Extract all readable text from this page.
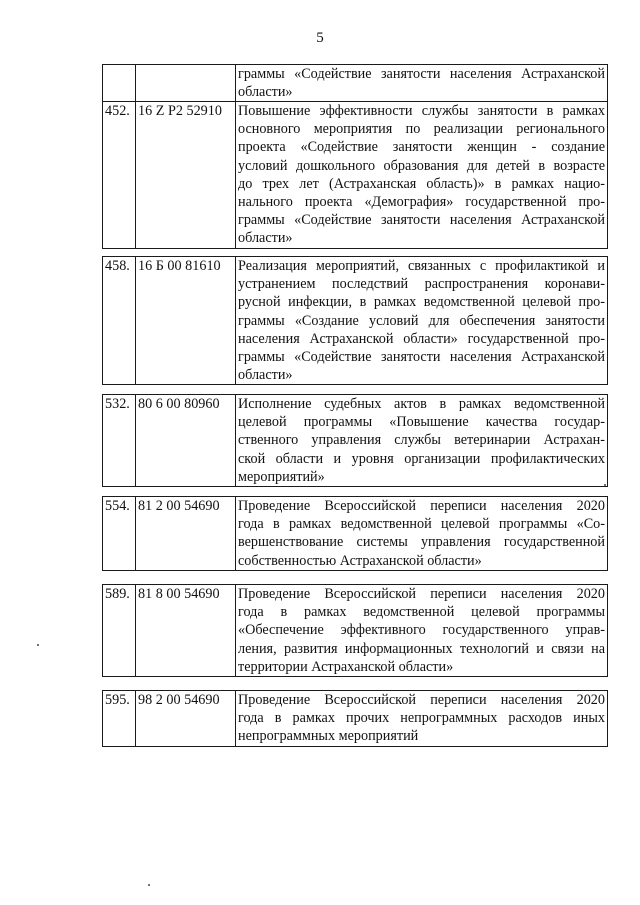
5

граммы «Содействие занятости населения Астраханской
области»
452.	16 Z P2 52910	Повышение эффективности службы занятости в рамках
основного мероприятия по реализации регионального
проекта «Содействие занятости женщин - создание
условий дошкольного образования для детей в возрасте
до трех лет (Астраханская область)» в рамках нацио-
нального проекта «Демография» государственной про-
граммы «Содействие занятости населения Астраханской
области»
458.	16 Б 00 81610	Реализация мероприятий, связанных с профилактикой и
устранением последствий распространения коронави-
русной инфекции, в рамках ведомственной целевой про-
граммы «Создание условий для обеспечения занятости
населения Астраханской области» государственной про-
граммы «Содействие занятости населения Астраханской
области»
532.	80 6 00 80960	Исполнение судебных актов в рамках ведомственной
целевой программы «Повышение качества государ-
ственного управления службы ветеринарии Астрахан-
ской области и уровня организации профилактических
мероприятий»
554.	81 2 00 54690	Проведение Всероссийской переписи населения 2020
года в рамках ведомственной целевой программы «Со-
вершенствование системы управления государственной
собственностью Астраханской области»
589.	81 8 00 54690	Проведение Всероссийской переписи населения 2020
года в рамках ведомственной целевой программы
«Обеспечение эффективного государственного управ-
ления, развития информационных технологий и связи на
территории Астраханской области»
595.	98 2 00 54690	Проведение Всероссийской переписи населения 2020
года в рамках прочих непрограммных расходов иных
непрограммных мероприятий
